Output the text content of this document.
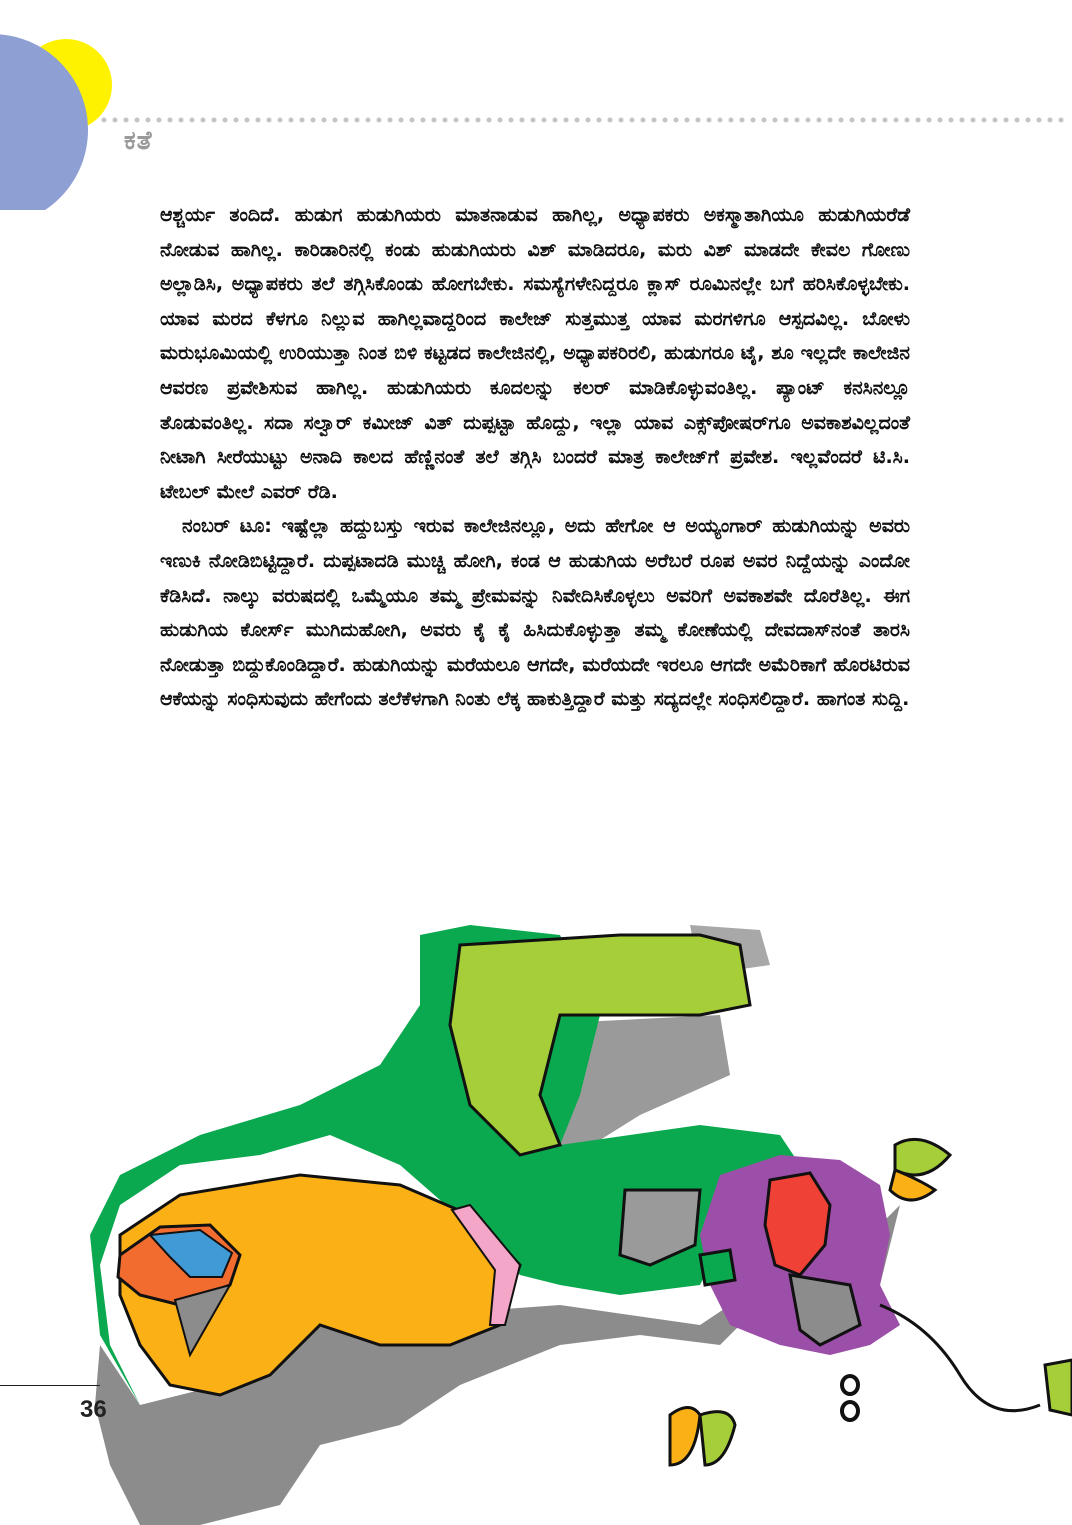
ಕತೆ

ಆಶ್ಚರ್ಯ ತಂದಿದೆ. ಹುಡುಗ ಹುಡುಗಿಯರು ಮಾತನಾಡುವ ಹಾಗಿಲ್ಲ, ಅಧ್ಯಾಪಕರು ಅಕಸ್ಮಾತಾಗಿಯೂ ಹುಡುಗಿಯರೆಡೆ ನೋಡುವ ಹಾಗಿಲ್ಲ. ಕಾರಿಡಾರಿನಲ್ಲಿ ಕಂಡು ಹುಡುಗಿಯರು ವಿಶ್ ಮಾಡಿದರೂ, ಮರು ವಿಶ್ ಮಾಡದೇ ಕೇವಲ ಗೋಣು ಅಲ್ಲಾಡಿಸಿ, ಅಧ್ಯಾಪಕರು ತಲೆ ತಗ್ಗಿಸಿಕೊಂಡು ಹೋಗಬೇಕು. ಸಮಸ್ಯೆಗಳೇನಿದ್ದರೂ ಕ್ಲಾಸ್ ರೂಮಿನಲ್ಲೇ ಬಗೆ ಹರಿಸಿಕೊಳ್ಳಬೇಕು. ಯಾವ ಮರದ ಕೆಳಗೂ ನಿಲ್ಲುವ ಹಾಗಿಲ್ಲವಾದ್ದರಿಂದ ಕಾಲೇಜ್ ಸುತ್ತಮುತ್ತ ಯಾವ ಮರಗಳಿಗೂ ಆಸ್ಪದವಿಲ್ಲ. ಬೋಳು ಮರುಭೂಮಿಯಲ್ಲಿ ಉರಿಯುತ್ತಾ ನಿಂತ ಬಿಳಿ ಕಟ್ಟಡದ ಕಾಲೇಜಿನಲ್ಲಿ, ಅಧ್ಯಾಪಕರಿರಲಿ, ಹುಡುಗರೂ ಟೈ, ಶೂ ಇಲ್ಲದೇ ಕಾಲೇಜಿನ ಆವರಣ ಪ್ರವೇಶಿಸುವ ಹಾಗಿಲ್ಲ. ಹುಡುಗಿಯರು ಕೂದಲನ್ನು ಕಲರ್ ಮಾಡಿಕೊಳ್ಳುವಂತಿಲ್ಲ. ಪ್ಯಾಂಟ್ ಕನಸಿನಲ್ಲೂ ತೊಡುವಂತಿಲ್ಲ. ಸದಾ ಸಲ್ವಾರ್ ಕಮೀಜ್ ವಿತ್ ದುಪ್ಪಟ್ಟಾ ಹೊದ್ದು, ಇಲ್ಲಾ ಯಾವ ಎಕ್ಸ್‌ಪೋಷರ್‌ಗೂ ಅವಕಾಶವಿಲ್ಲದಂತೆ ನೀಟಾಗಿ ಸೀರೆಯುಟ್ಟು ಅನಾದಿ ಕಾಲದ ಹೆಣ್ಣಿನಂತೆ ತಲೆ ತಗ್ಗಿಸಿ ಬಂದರೆ ಮಾತ್ರ ಕಾಲೇಜ್‌ಗೆ ಪ್ರವೇಶ. ಇಲ್ಲವೆಂದರೆ ಟಿ.ಸಿ. ಟೇಬಲ್ ಮೇಲೆ ಎವರ್ ರೆಡಿ.

ನಂಬರ್ ಟೂ: ಇಷ್ಟೆಲ್ಲಾ ಹದ್ದುಬಸ್ತು ಇರುವ ಕಾಲೇಜಿನಲ್ಲೂ, ಅದು ಹೇಗೋ ಆ ಅಯ್ಯಂಗಾರ್ ಹುಡುಗಿಯನ್ನು ಅವರು ಇಣುಕಿ ನೋಡಿಬಿಟ್ಟಿದ್ದಾರೆ. ದುಪ್ಪಟಾದಡಿ ಮುಚ್ಚಿ ಹೋಗಿ, ಕಂಡ ಆ ಹುಡುಗಿಯ ಅರೆಬರೆ ರೂಪ ಅವರ ನಿದ್ದೆಯನ್ನು ಎಂದೋ ಕೆಡಿಸಿದೆ. ನಾಲ್ಕು ವರುಷದಲ್ಲಿ ಒಮ್ಮೆಯೂ ತಮ್ಮ ಪ್ರೇಮವನ್ನು ನಿವೇದಿಸಿಕೊಳ್ಳಲು ಅವರಿಗೆ ಅವಕಾಶವೇ ದೊರೆತಿಲ್ಲ. ಈಗ ಹುಡುಗಿಯ ಕೋರ್ಸ್ ಮುಗಿದುಹೋಗಿ, ಅವರು ಕೈ ಕೈ ಹಿಸಿದುಕೊಳ್ಳುತ್ತಾ ತಮ್ಮ ಕೋಣೆಯಲ್ಲಿ ದೇವದಾಸ್‌ನಂತೆ ತಾರಸಿ ನೋಡುತ್ತಾ ಬಿದ್ದುಕೊಂಡಿದ್ದಾರೆ. ಹುಡುಗಿಯನ್ನು ಮರೆಯಲೂ ಆಗದೇ, ಮರೆಯದೇ ಇರಲೂ ಆಗದೇ ಅಮೆರಿಕಾಗೆ ಹೊರಟಿರುವ ಆಕೆಯನ್ನು ಸಂಧಿಸುವುದು ಹೇಗೆಂದು ತಲೆಕೆಳಗಾಗಿ ನಿಂತು ಲೆಕ್ಕ ಹಾಕುತ್ತಿದ್ದಾರೆ ಮತ್ತು ಸದ್ಯದಲ್ಲೇ ಸಂಧಿಸಲಿದ್ದಾರೆ. ಹಾಗಂತ ಸುದ್ದಿ.

36
